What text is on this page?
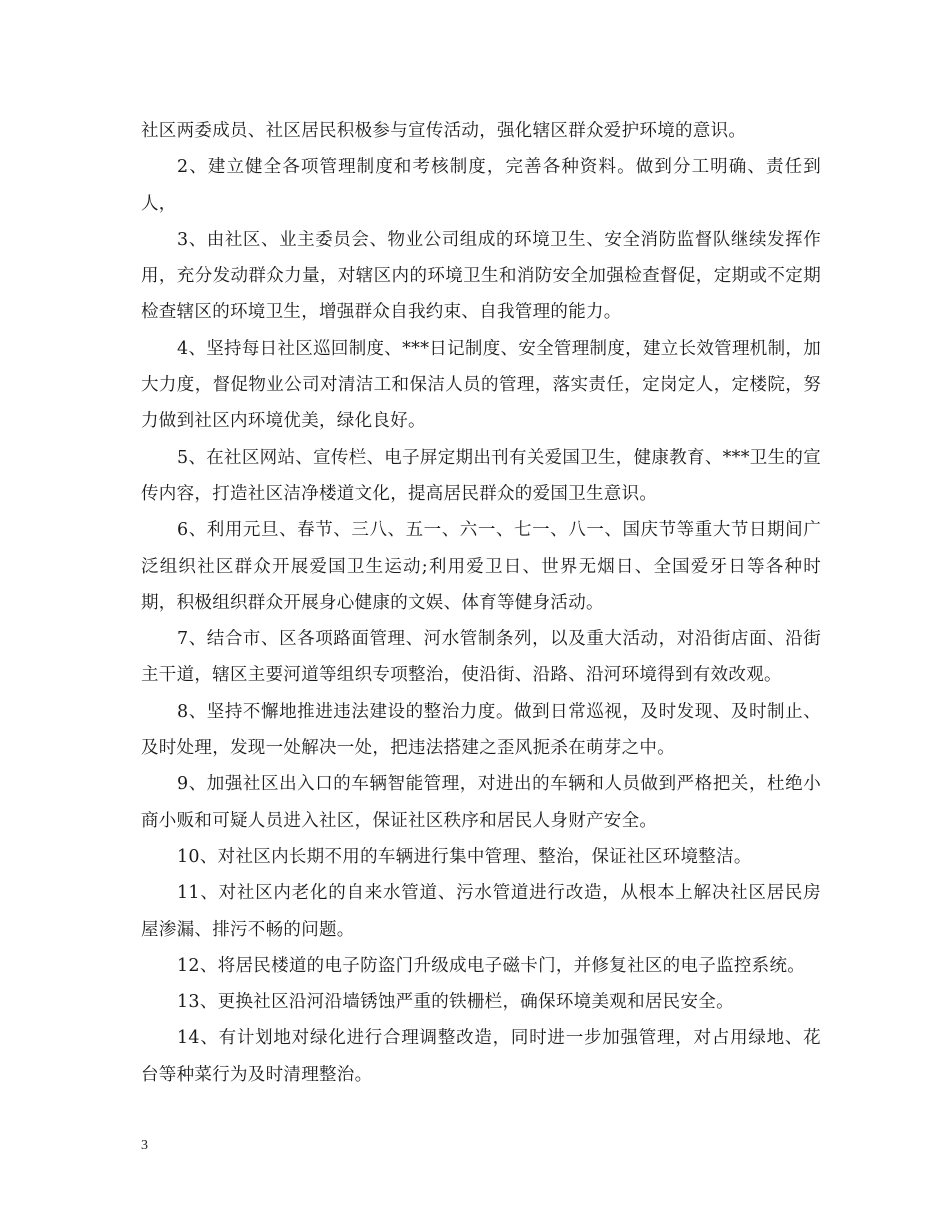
社区两委成员、社区居民积极参与宣传活动，强化辖区群众爱护环境的意识。

2、建立健全各项管理制度和考核制度，完善各种资料。做到分工明确、责任到人，

3、由社区、业主委员会、物业公司组成的环境卫生、安全消防监督队继续发挥作用，充分发动群众力量，对辖区内的环境卫生和消防安全加强检查督促，定期或不定期检查辖区的环境卫生，增强群众自我约束、自我管理的能力。

4、坚持每日社区巡回制度、***日记制度、安全管理制度，建立长效管理机制，加大力度，督促物业公司对清洁工和保洁人员的管理，落实责任，定岗定人，定楼院，努力做到社区内环境优美，绿化良好。

5、在社区网站、宣传栏、电子屏定期出刊有关爱国卫生，健康教育、***卫生的宣传内容，打造社区洁净楼道文化，提高居民群众的爱国卫生意识。

6、利用元旦、春节、三八、五一、六一、七一、八一、国庆节等重大节日期间广泛组织社区群众开展爱国卫生运动;利用爱卫日、世界无烟日、全国爱牙日等各种时期，积极组织群众开展身心健康的文娱、体育等健身活动。

7、结合市、区各项路面管理、河水管制条列，以及重大活动，对沿街店面、沿街主干道，辖区主要河道等组织专项整治，使沿街、沿路、沿河环境得到有效改观。

8、坚持不懈地推进违法建设的整治力度。做到日常巡视，及时发现、及时制止、及时处理，发现一处解决一处，把违法搭建之歪风扼杀在萌芽之中。

9、加强社区出入口的车辆智能管理，对进出的车辆和人员做到严格把关，杜绝小商小贩和可疑人员进入社区，保证社区秩序和居民人身财产安全。

10、对社区内长期不用的车辆进行集中管理、整治，保证社区环境整洁。

11、对社区内老化的自来水管道、污水管道进行改造，从根本上解决社区居民房屋渗漏、排污不畅的问题。

12、将居民楼道的电子防盗门升级成电子磁卡门，并修复社区的电子监控系统。

13、更换社区沿河沿墙锈蚀严重的铁栅栏，确保环境美观和居民安全。

14、有计划地对绿化进行合理调整改造，同时进一步加强管理，对占用绿地、花台等种菜行为及时清理整治。

3
